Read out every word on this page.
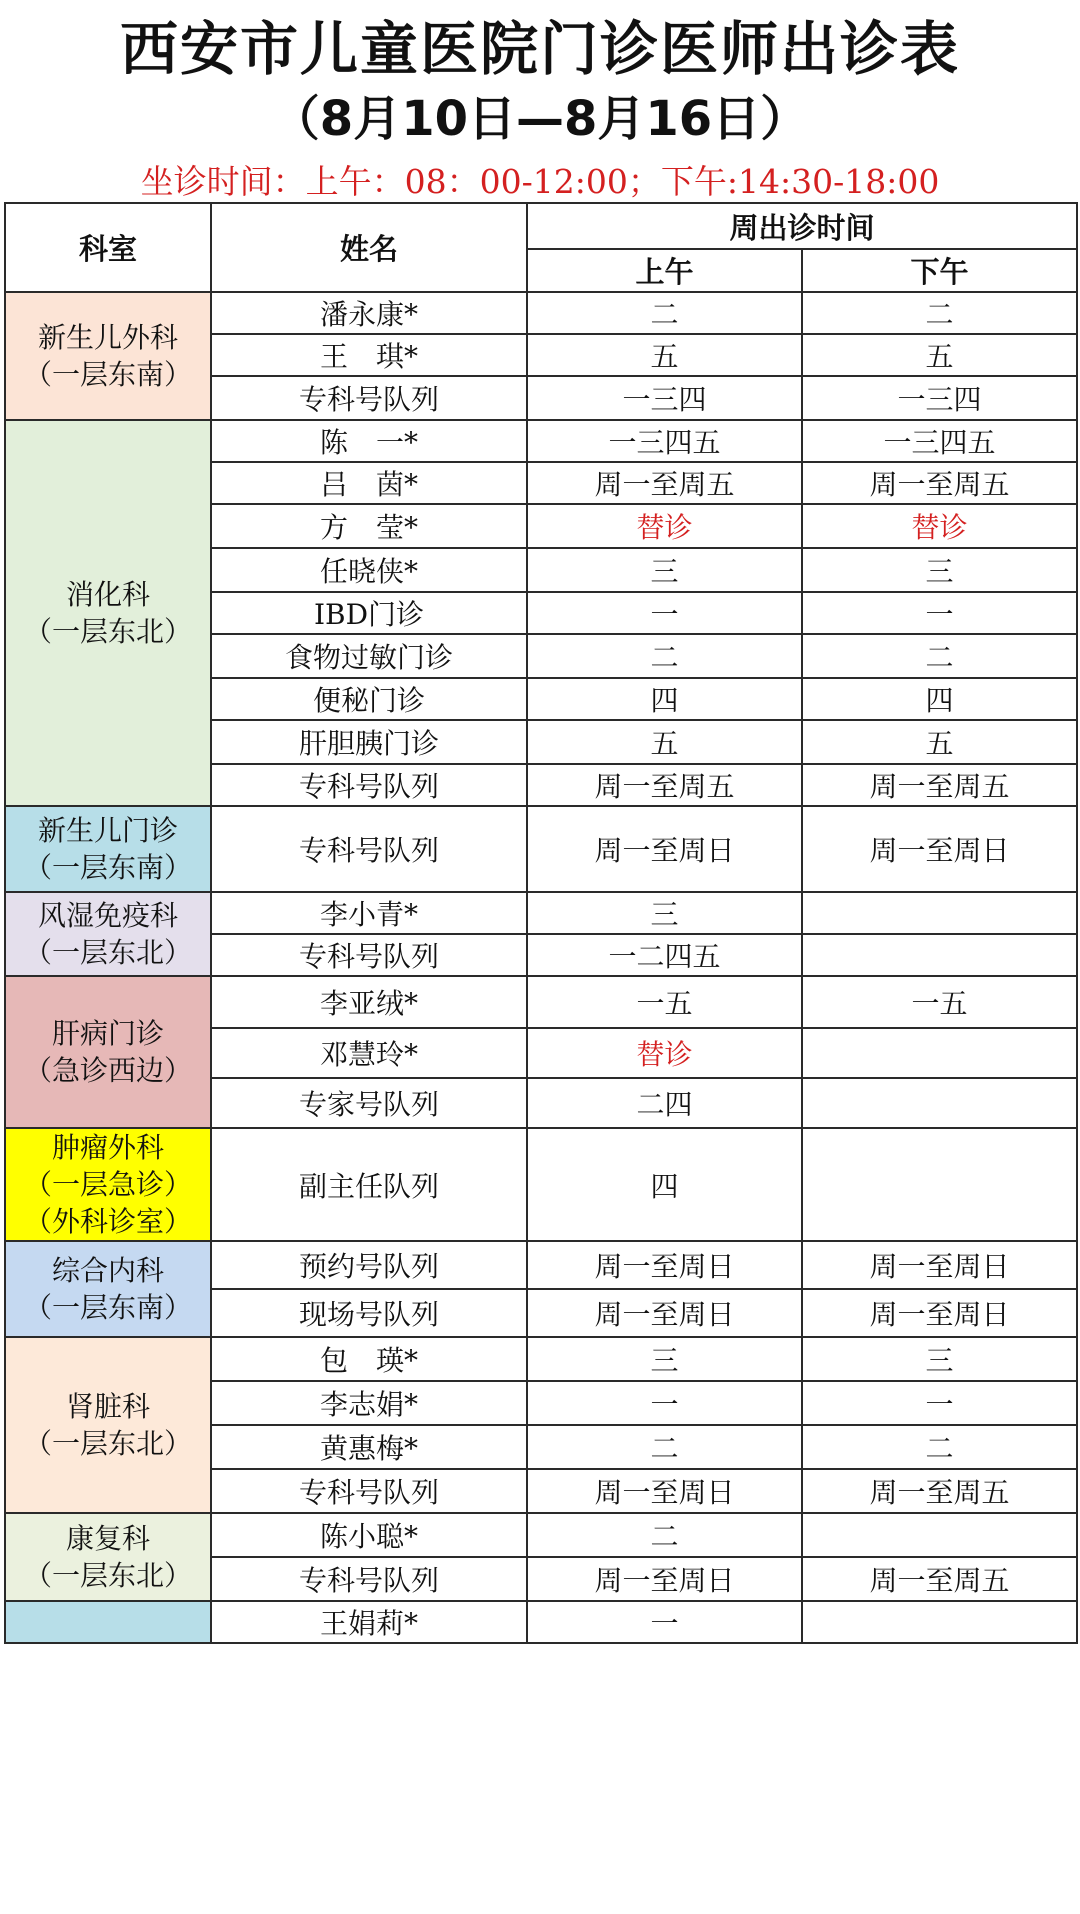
西安市儿童医院门诊医师出诊表
（8月10日—8月16日）
坐诊时间：上午：08：00-12:00；下午:14:30-18:00
科室	姓名	周出诊时间	
		上午	下午

新生儿外科
（一层东南）	潘永康*	二	二
	王　琪*	五	五
	专科号队列	一三四	一三四

消化科
（一层东北）	陈　一*	一三四五	一三四五
	吕　茵*	周一至周五	周一至周五
	方　莹*	替诊	替诊
	任晓侠*	三	三
	IBD门诊	一	一
	食物过敏门诊	二	二
	便秘门诊	四	四
	肝胆胰门诊	五	五
	专科号队列	周一至周五	周一至周五

新生儿门诊
（一层东南）	专科号队列	周一至周日	周一至周日

风湿免疫科
（一层东北）	李小青*	三	
	专科号队列	一二四五	

肝病门诊
（急诊西边）	李亚绒*	一五	一五
	邓慧玲*	替诊	
	专家号队列	二四	

肿瘤外科
（一层急诊）
（外科诊室）	副主任队列	四	

综合内科
（一层东南）	预约号队列	周一至周日	周一至周日
	现场号队列	周一至周日	周一至周日

肾脏科
（一层东北）	包　瑛*	三	三
	李志娟*	一	一
	黄惠梅*	二	二
	专科号队列	周一至周日	周一至周五

康复科
（一层东北）	陈小聪*	二	
	专科号队列	周一至周日	周一至周五
	王娟莉*	一	
